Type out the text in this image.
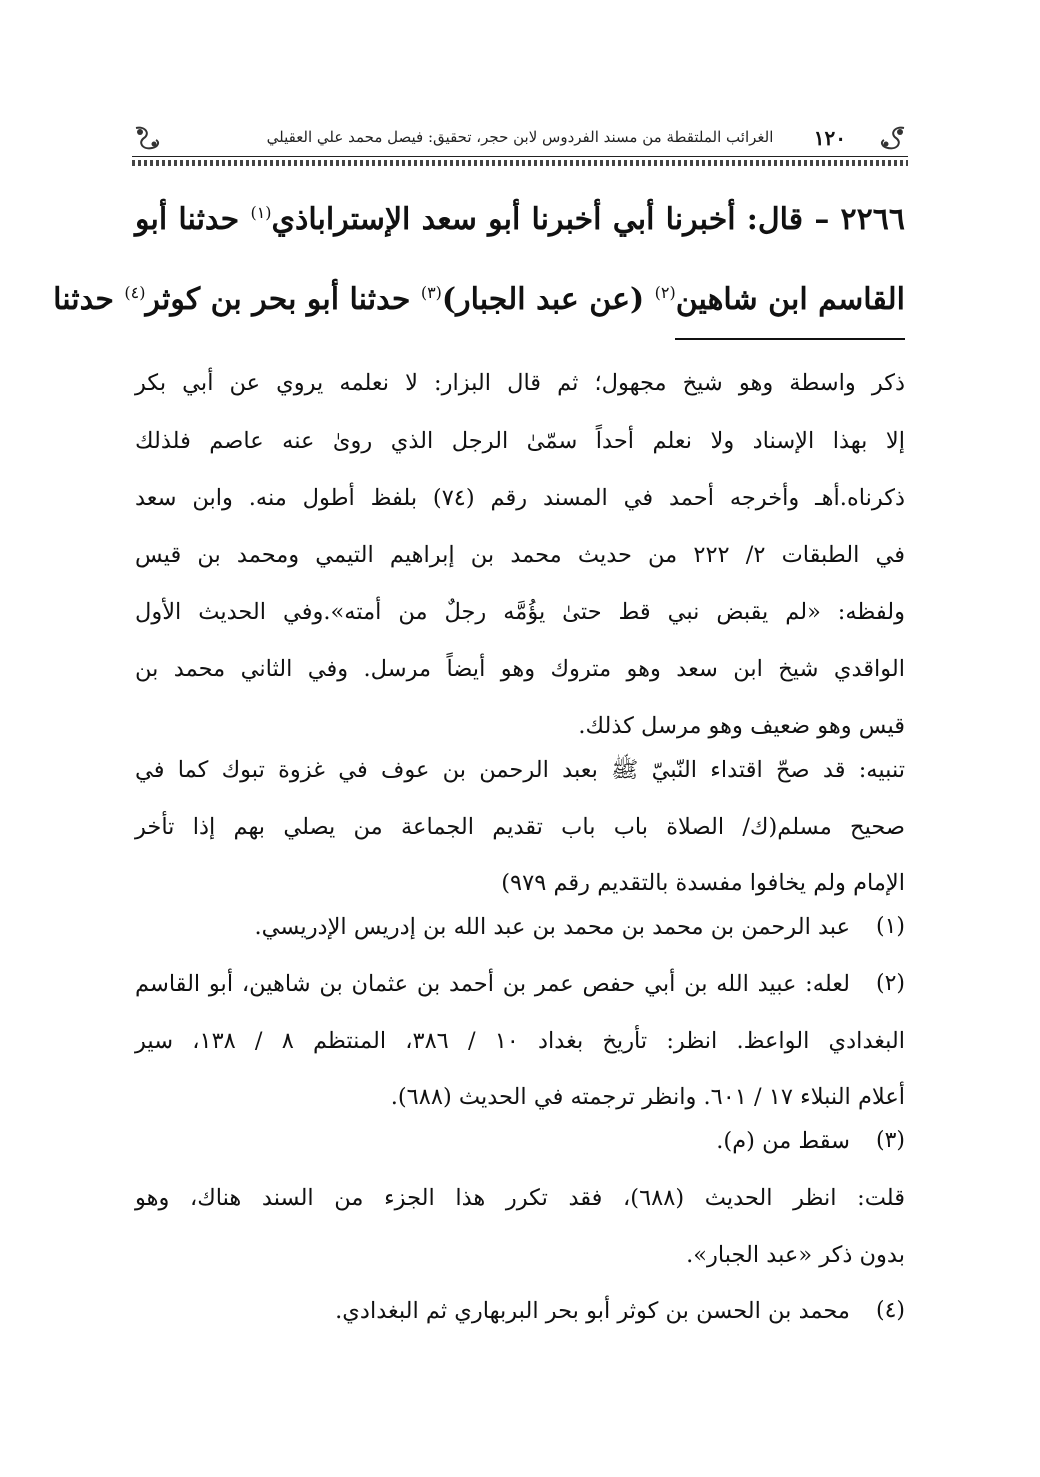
١٢٠
الغرائب الملتقطة من مسند الفردوس لابن حجر، تحقيق: فيصل محمد علي العقيلي
٢٢٦٦ – قال: أخبرنا أبي أخبرنا أبو سعد الإستراباذي$^{(١)}$ حدثنا أبو
القاسم ابن شاهين$^{(٢)}$ (عن عبد الجبار)$^{(٣)}$ حدثنا أبو بحر بن كوثر$^{(٤)}$ حدثنا
ذكر واسطة وهو شيخ مجهول؛ ثم قال البزار: لا نعلمه يروي عن أبي بكر
إلا بهذا الإسناد ولا نعلم أحداً سمّىٰ الرجل الذي روىٰ عنه عاصم فلذلك
ذكرناه.أهـ وأخرجه أحمد في المسند رقم (٧٤) بلفظ أطول منه. وابن سعد
في الطبقات ٢/ ٢٢٢ من حديث محمد بن إبراهيم التيمي ومحمد بن قيس
ولفظه: «لم يقبض نبي قط حتىٰ يؤُمَّه رجلٌ من أمته».وفي الحديث الأول
الواقدي شيخ ابن سعد وهو متروك وهو أيضاً مرسل. وفي الثاني محمد بن
قيس وهو ضعيف وهو مرسل كذلك.
تنبيه: قد صحّ اقتداء النّبيّ ﷺ بعبد الرحمن بن عوف في غزوة تبوك كما في
صحيح مسلم(ك/ الصلاة باب باب تقديم الجماعة من يصلي بهم إذا تأخر
الإمام ولم يخافوا مفسدة بالتقديم رقم ٩٧٩)
(١)
عبد الرحمن بن محمد بن محمد بن عبد الله بن إدريس الإدريسي.
(٢)
لعله: عبيد الله بن أبي حفص عمر بن أحمد بن عثمان بن شاهين، أبو القاسم
البغدادي الواعظ. انظر: تأريخ بغداد ١٠ / ٣٨٦، المنتظم ٨ / ١٣٨، سير
أعلام النبلاء ١٧ / ٦٠١. وانظر ترجمته في الحديث (٦٨٨).
(٣)
سقط من (م).
قلت: انظر الحديث (٦٨٨)، فقد تكرر هذا الجزء من السند هناك، وهو
بدون ذكر «عبد الجبار».
(٤)
محمد بن الحسن بن كوثر أبو بحر البربهاري ثم البغدادي.
